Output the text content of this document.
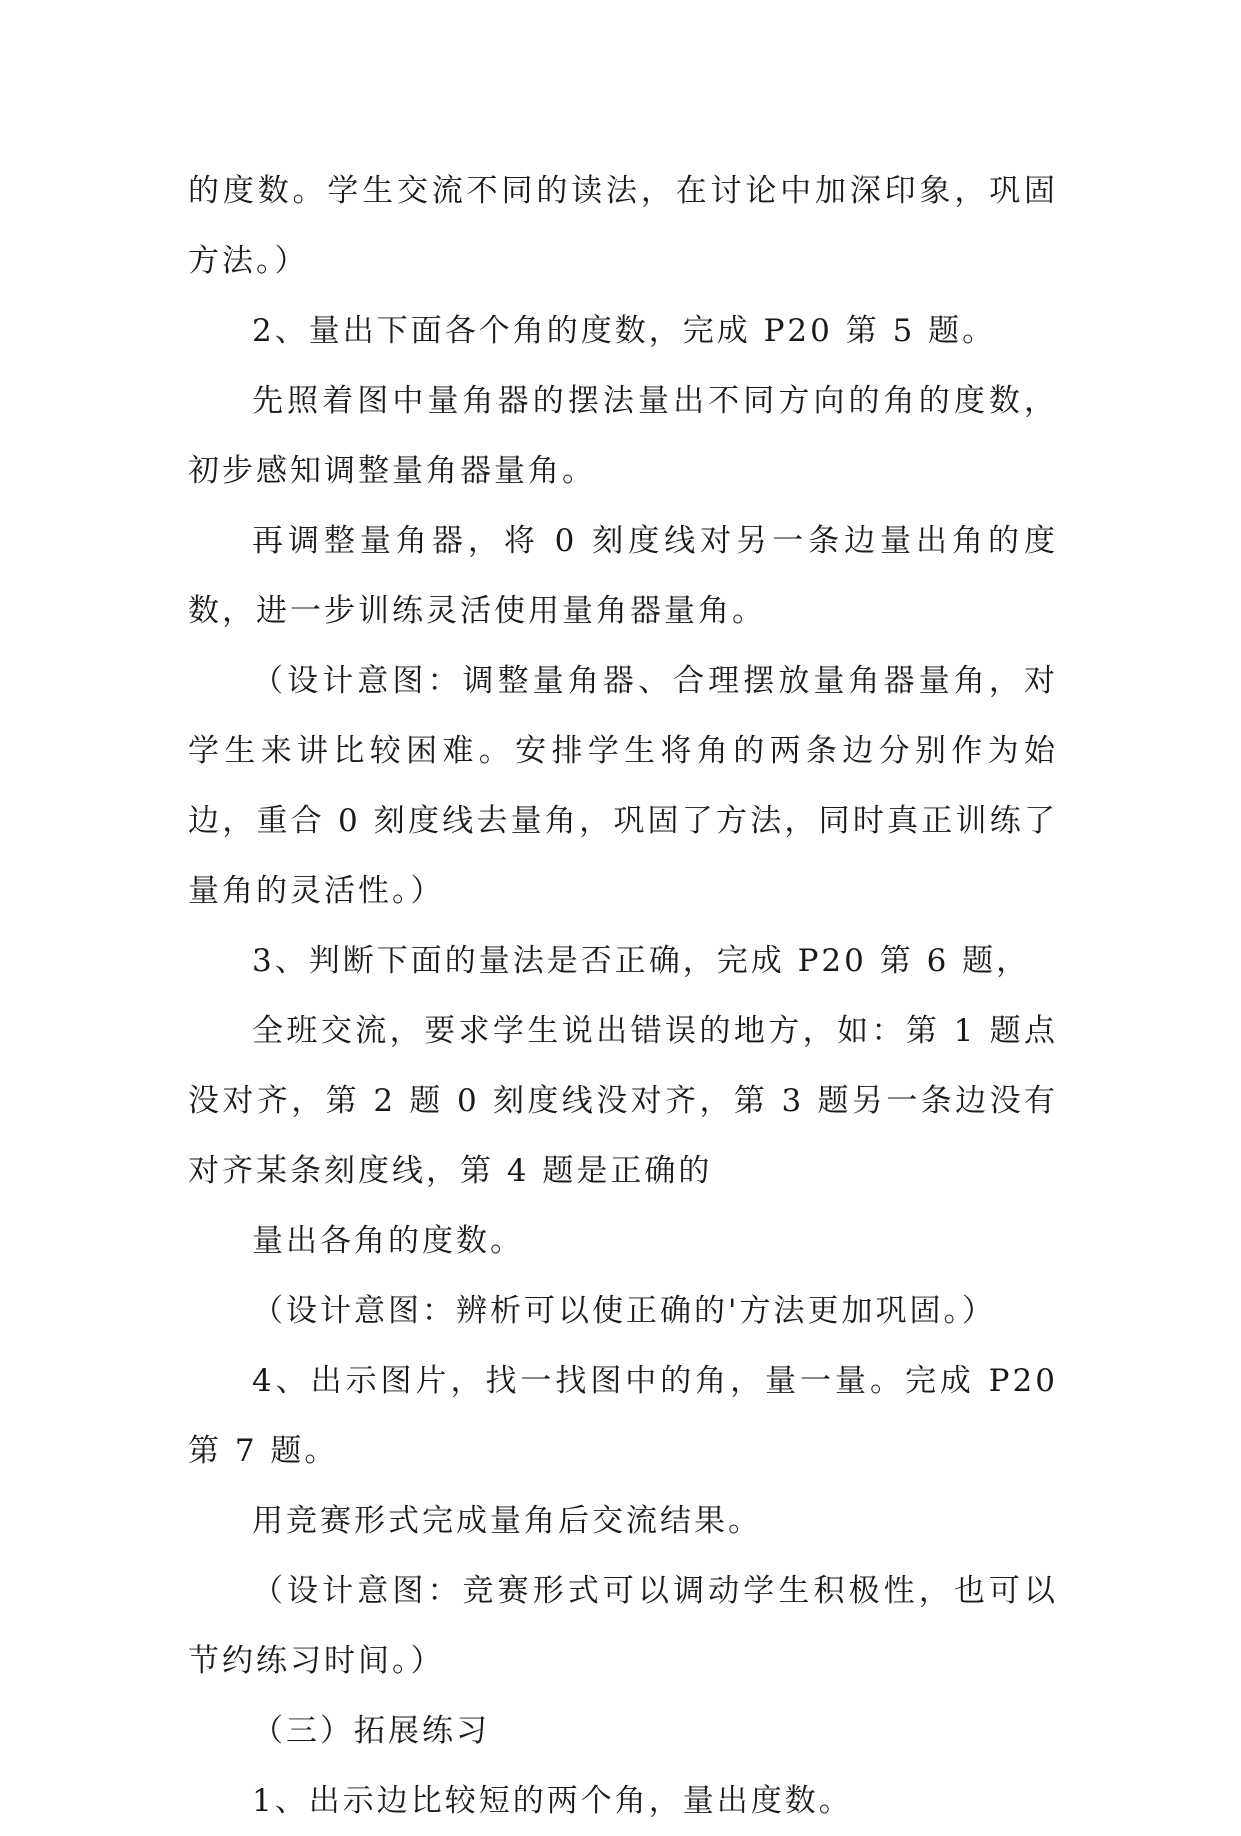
的度数。学生交流不同的读法，在讨论中加深印象，巩固方法。）

2、量出下面各个角的度数，完成 P20 第 5 题。

先照着图中量角器的摆法量出不同方向的角的度数，初步感知调整量角器量角。

再调整量角器，将 0 刻度线对另一条边量出角的度数，进一步训练灵活使用量角器量角。

（设计意图：调整量角器、合理摆放量角器量角，对学生来讲比较困难。安排学生将角的两条边分别作为始边，重合 0 刻度线去量角，巩固了方法，同时真正训练了量角的灵活性。）

3、判断下面的量法是否正确，完成 P20 第 6 题，

全班交流，要求学生说出错误的地方，如：第 1 题点没对齐，第 2 题 0 刻度线没对齐，第 3 题另一条边没有对齐某条刻度线，第 4 题是正确的

量出各角的度数。

（设计意图：辨析可以使正确的'方法更加巩固。）

4、出示图片，找一找图中的角，量一量。完成 P20 第 7 题。

用竞赛形式完成量角后交流结果。

（设计意图：竞赛形式可以调动学生积极性，也可以节约练习时间。）

（三）拓展练习

1、出示边比较短的两个角，量出度数。
